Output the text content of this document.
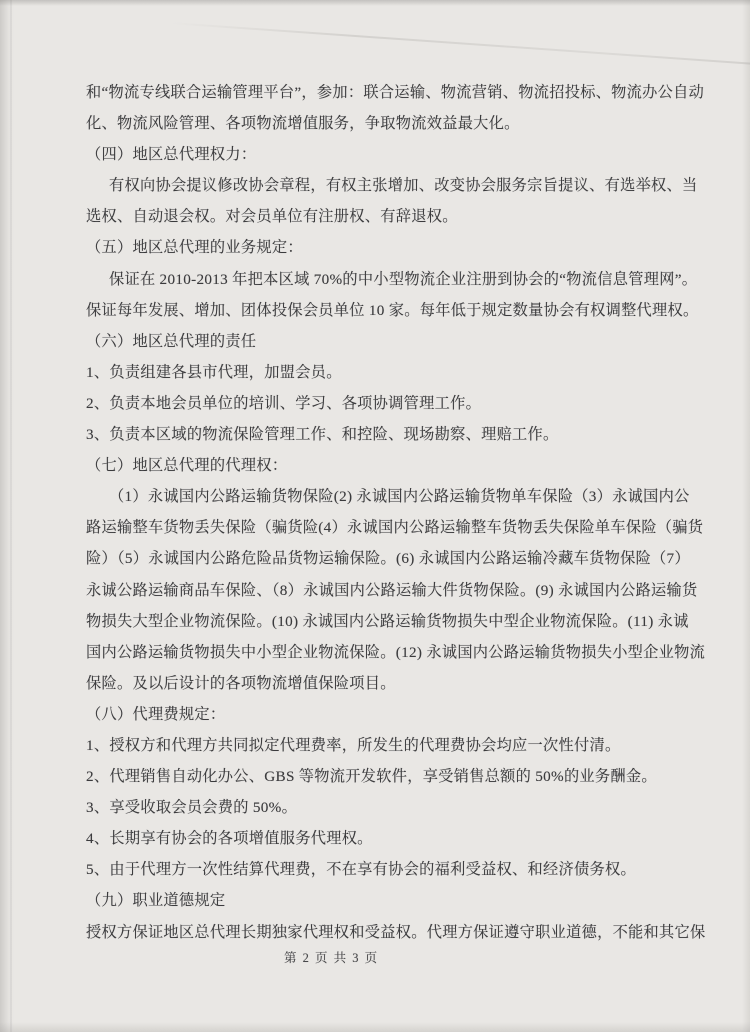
和“物流专线联合运输管理平台”，参加：联合运输、物流营销、物流招投标、物流办公自动
化、物流风险管理、各项物流增值服务，争取物流效益最大化。
（四）地区总代理权力：
有权向协会提议修改协会章程，有权主张增加、改变协会服务宗旨提议、有选举权、当
选权、自动退会权。对会员单位有注册权、有辞退权。
（五）地区总代理的业务规定：
保证在 2010-2013 年把本区域 70%的中小型物流企业注册到协会的“物流信息管理网”。
保证每年发展、增加、团体投保会员单位 10 家。每年低于规定数量协会有权调整代理权。
（六）地区总代理的责任
1、负责组建各县市代理，加盟会员。
2、负责本地会员单位的培训、学习、各项协调管理工作。
3、负责本区域的物流保险管理工作、和控险、现场勘察、理赔工作。
（七）地区总代理的代理权：
（1）永诚国内公路运输货物保险(2) 永诚国内公路运输货物单车保险（3）永诚国内公
路运输整车货物丢失保险（骗货险(4）永诚国内公路运输整车货物丢失保险单车保险（骗货
险）（5）永诚国内公路危险品货物运输保险。(6) 永诚国内公路运输冷藏车货物保险（7）
永诚公路运输商品车保险、（8）永诚国内公路运输大件货物保险。(9) 永诚国内公路运输货
物损失大型企业物流保险。(10) 永诚国内公路运输货物损失中型企业物流保险。(11) 永诚
国内公路运输货物损失中小型企业物流保险。(12) 永诚国内公路运输货物损失小型企业物流
保险。及以后设计的各项物流增值保险项目。
（八）代理费规定：
1、授权方和代理方共同拟定代理费率，所发生的代理费协会均应一次性付清。
2、代理销售自动化办公、GBS 等物流开发软件，享受销售总额的 50%的业务酬金。
3、享受收取会员会费的 50%。
4、长期享有协会的各项增值服务代理权。
5、由于代理方一次性结算代理费，不在享有协会的福利受益权、和经济债务权。
（九）职业道德规定
授权方保证地区总代理长期独家代理权和受益权。代理方保证遵守职业道德，不能和其它保
第 2 页 共 3 页
